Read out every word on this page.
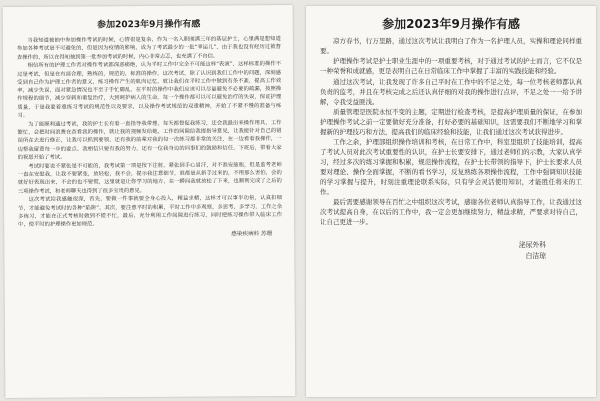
参加2023年9月操作有感

当我知道被抽中参加操作考试的时候，心情很是复杂，作为一名入职刚满三年的基层护士，心里满是想知道参加各种考试是不可避免的，但是因为疫情的影响，成为了考试最少的一批“幸运儿”，由于我也没有经历过被督查操作的，所以在得知抽到第一批参加考试的时候，内心非常忐忑，也充满了不自信。

相信所有的护理工作者对操作考试都深恶痛绝，认为平时工作中完全不可能这样“表演”，这样标准的操作不过是考试，但是在有部合理，熟练的，规范的，标准的操作。这次考试，除了认识到我们工作中的问题，深刻感受到自己作为护理工作者的意义，练习操作产生的肌肉记忆，就让我们在平时工作中做到有条不紊，提高工作效率，减少失误，面对紧急情况也不至于手忙脚乱。在平时的操作中我们应该可以尽量避免不必要的疏漏，按照操作规程的细节，减少穿刺和重复治疗，大到呵护病人的生命。每一个操作都可以可以避免治疗的失误，保证护理质量，于是我要着重练习考试的规范性以及要求，以及操作考试规范的双重精神，开始了不紧不慢的准备与练习。

为了能顺利通过考试，我的护士长有着一直指导我带理，每天都督促我练习，还会我最出来操作用具，工作繁忙，会把时间浪费在查看我的操作，就让我的视频发给她，工作的间隙给我提指导意见，让我能针对自己的错误所在去进行修正，让我可以抓到要领，还有我的前辈对我的每一次练习都非常的关注，在一边看着我操作，一边帮我留意每一步的要点。我相信只要有我的努力，还有一位我身边的同事们的鼓励和信任，下班后，带着大家的祝愿开始了考试。

考试时要说不紧张是不可能的，我考试第一项是按下注射，紧张到手心冒汗，对不准安瓿瓶，但是监考老师一直在安慰我，让我不要紧张，放轻松，我不会，提示我注意细节，谁都是从新手过来的，不用那么害怕，会的就好好表现出来，不会的也不要慌，这里就是让你学习的地方，在一瞬间我就放松了下来，也顺利完成了之后的三项操作考试，和老师聊天也得到了很多宝贵的意见。

这次考试给我感触很深，首先，要做一件事就要全身心投入，精益求精，这样才可以事半功倍，认真扣细节，才能避免考试时的各种“陷阱”。其次，要注意平时的积累，平时工作中多观察，多思考，多学习，工作之余多练习，才能在正式考核时做到不慌不忙，最后，充分利用工作间隙进行练习，同时把练习操作带入临床工作中，使平时的护理操作更加规范。

感染疾病科 苏珊
参加2023年9月操作有感

凉方春书，行万里路，通过这次考试让我明白了作为一名护理人员，实操和理论同样重要。

护理操作考试是护士职业生涯中的一项重要考核，对于通过考试的护士而言，它不仅是一种荣誉和成就感，更是表明自己在日常临床工作中掌握了丰富的实践技能和经验。

通过这次考试，让我发现了许多自己平时在工作中的不足之处，每一位考核老师都认真负责的监考，并且在考核完成之后还认真仔细的对我的操作进行点评，不足之处一一给予讲解，令我受益匪浅。

质量管理是医院永恒不变的主题，定期进行检查考核，是提高护理质量的保证，在参加护理操作考试之前一定要做好充分准备，打好必要的基础知识，这需要我们不断地学习和掌握新的护理技巧和方法，提高我们的临床经验和技能，让我们通过这次考试获得进步。

工作之余，护理部组织操作培训和考核，在日常工作中，科室里组织了技能培训，提高了考试人员对此次考试重要性的认识，在护士长要安排下，通过老师们的示教，大家认真学习，经过多次的练习掌握和积累，规范操作流程，在护士长带领的指导下，护士长要求人员要对理论、操作全面掌握，不断的看书学习，反复熟练各项操作流程，工作中强调知识技能的学习掌握与提升，时刻注重理论联系实际，只有学会灵活使用知识，才能胜任将来的工作。

最后需要感谢领导在百忙之中组织这次考试，感谢各位老师认真指导工作，让我通过这次考试提高自身，在以后的工作中，我一定会更加继续努力，精益求精，严要求对待自己，让自己更进一步。

泌尿外科
白洁琼
